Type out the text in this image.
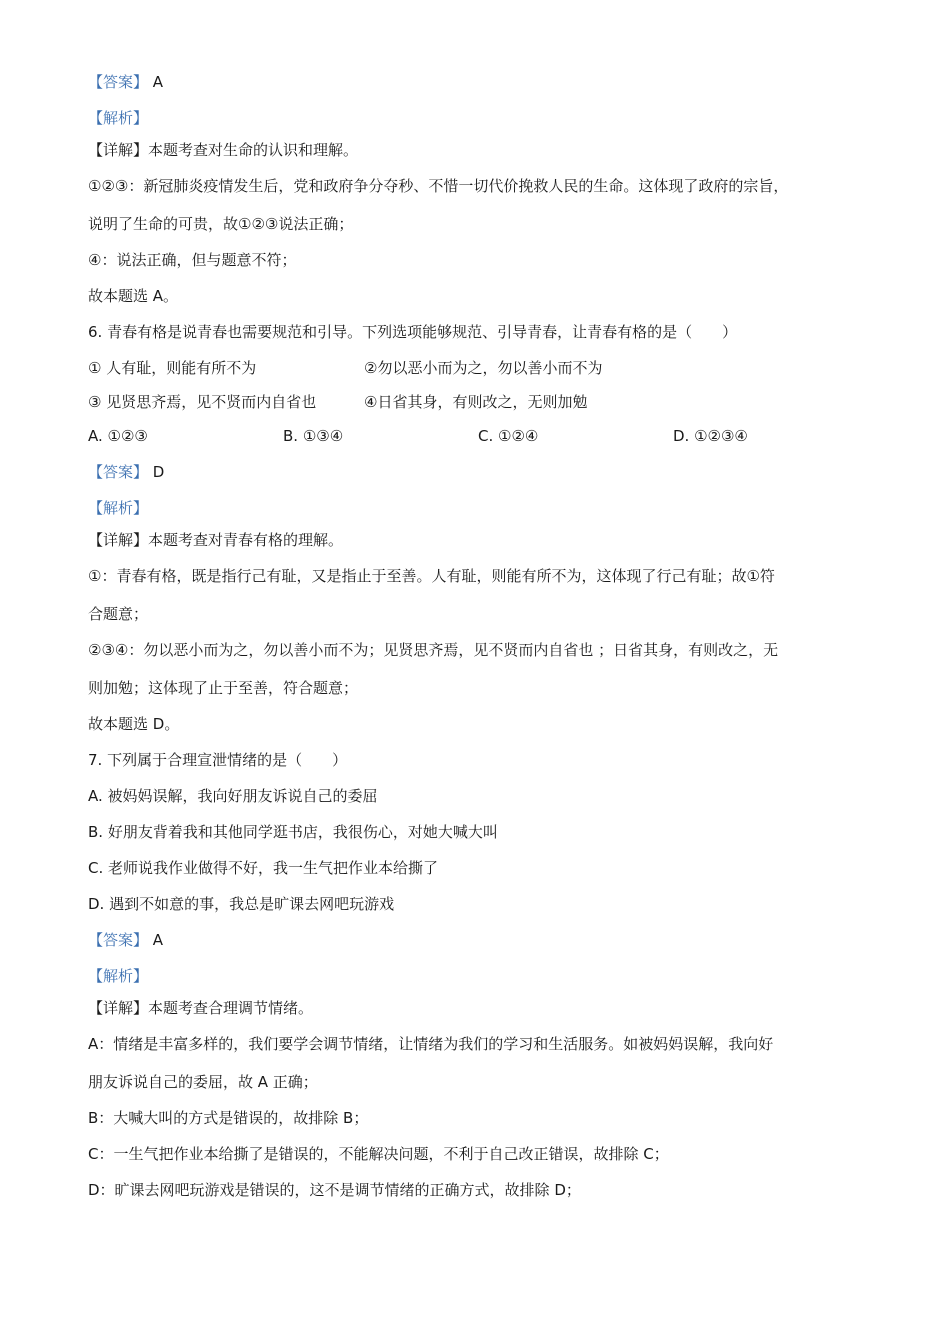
【答案】 A
【解析】
【详解】本题考查对生命的认识和理解。
①②③：新冠肺炎疫情发生后，党和政府争分夺秒、不惜一切代价挽救人民的生命。这体现了政府的宗旨，
说明了生命的可贵，故①②③说法正确；
④：说法正确，但与题意不符；
故本题选 A。
6. 青春有格是说青春也需要规范和引导。下列选项能够规范、引导青春，让青春有格的是（　　）
① 人有耻，则能有所不为	②勿以恶小而为之，勿以善小而不为
③ 见贤思齐焉，见不贤而内自省也	④日省其身，有则改之，无则加勉
A. ①②③	B. ①③④	C. ①②④	D. ①②③④
【答案】 D
【解析】
【详解】本题考查对青春有格的理解。
①：青春有格，既是指行己有耻，又是指止于至善。人有耻，则能有所不为，这体现了行己有耻；故①符
合题意；
②③④：勿以恶小而为之，勿以善小而不为；见贤思齐焉，见不贤而内自省也 ；日省其身，有则改之，无
则加勉；这体现了止于至善，符合题意；
故本题选 D。
7. 下列属于合理宣泄情绪的是（　　）
A. 被妈妈误解，我向好朋友诉说自己的委屈
B. 好朋友背着我和其他同学逛书店，我很伤心，对她大喊大叫
C. 老师说我作业做得不好，我一生气把作业本给撕了
D. 遇到不如意的事，我总是旷课去网吧玩游戏
【答案】 A
【解析】
【详解】本题考查合理调节情绪。
A：情绪是丰富多样的，我们要学会调节情绪，让情绪为我们的学习和生活服务。如被妈妈误解，我向好
朋友诉说自己的委屈，故 A 正确；
B：大喊大叫的方式是错误的，故排除 B；
C：一生气把作业本给撕了是错误的，不能解决问题，不利于自己改正错误，故排除 C；
D：旷课去网吧玩游戏是错误的，这不是调节情绪的正确方式，故排除 D；
